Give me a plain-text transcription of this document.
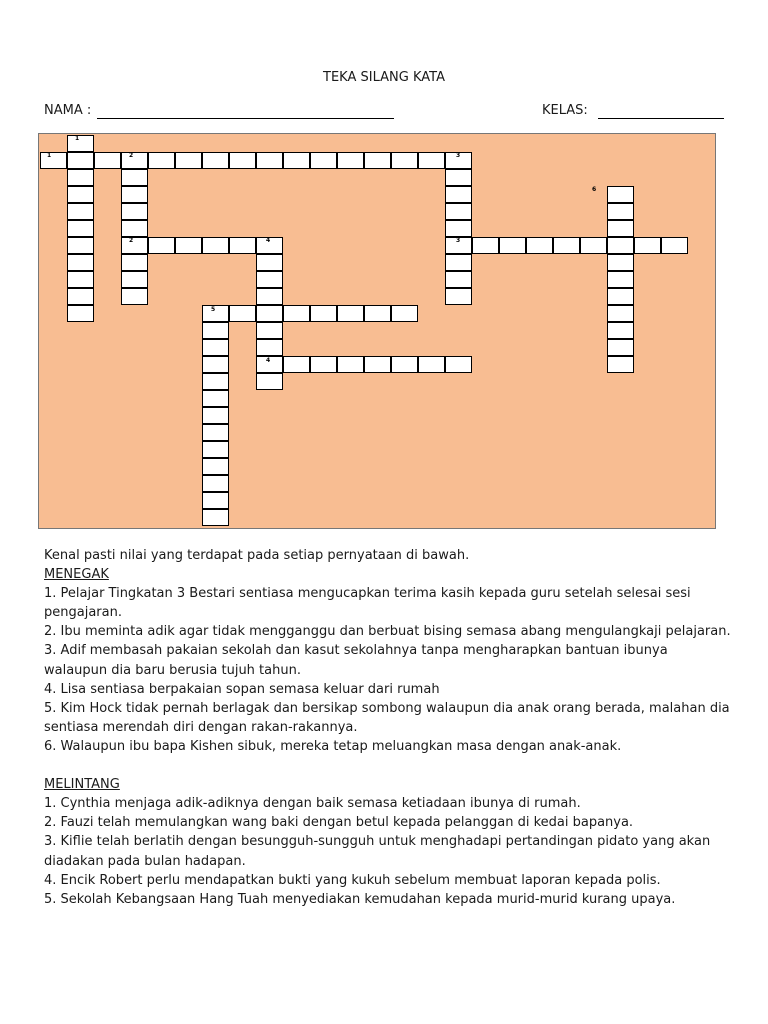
TEKA SILANG KATA
NAMA :	KELAS:
1
1	2	3
6
2	4	3
5
4
Kenal pasti nilai yang terdapat pada setiap pernyataan di bawah.
MENEGAK
1. Pelajar Tingkatan 3 Bestari sentiasa mengucapkan terima kasih kepada guru setelah selesai sesi pengajaran.
2. Ibu meminta adik agar tidak mengganggu dan berbuat bising semasa abang mengulangkaji pelajaran.
3. Adif membasah pakaian sekolah dan kasut sekolahnya tanpa mengharapkan bantuan ibunya walaupun dia baru berusia tujuh tahun.
4. Lisa sentiasa berpakaian sopan semasa keluar dari rumah
5. Kim Hock tidak pernah berlagak dan bersikap sombong walaupun dia anak orang berada, malahan dia sentiasa merendah diri dengan rakan-rakannya.
6. Walaupun ibu bapa Kishen sibuk, mereka tetap meluangkan masa dengan anak-anak.
MELINTANG
1. Cynthia menjaga adik-adiknya dengan baik semasa ketiadaan ibunya di rumah.
2. Fauzi telah memulangkan wang baki dengan betul kepada pelanggan di kedai bapanya.
3. Kiflie telah berlatih dengan besungguh-sungguh untuk menghadapi pertandingan pidato yang akan diadakan pada bulan hadapan.
4. Encik Robert perlu mendapatkan bukti yang kukuh sebelum membuat laporan kepada polis.
5. Sekolah Kebangsaan Hang Tuah menyediakan kemudahan kepada murid-murid kurang upaya.
